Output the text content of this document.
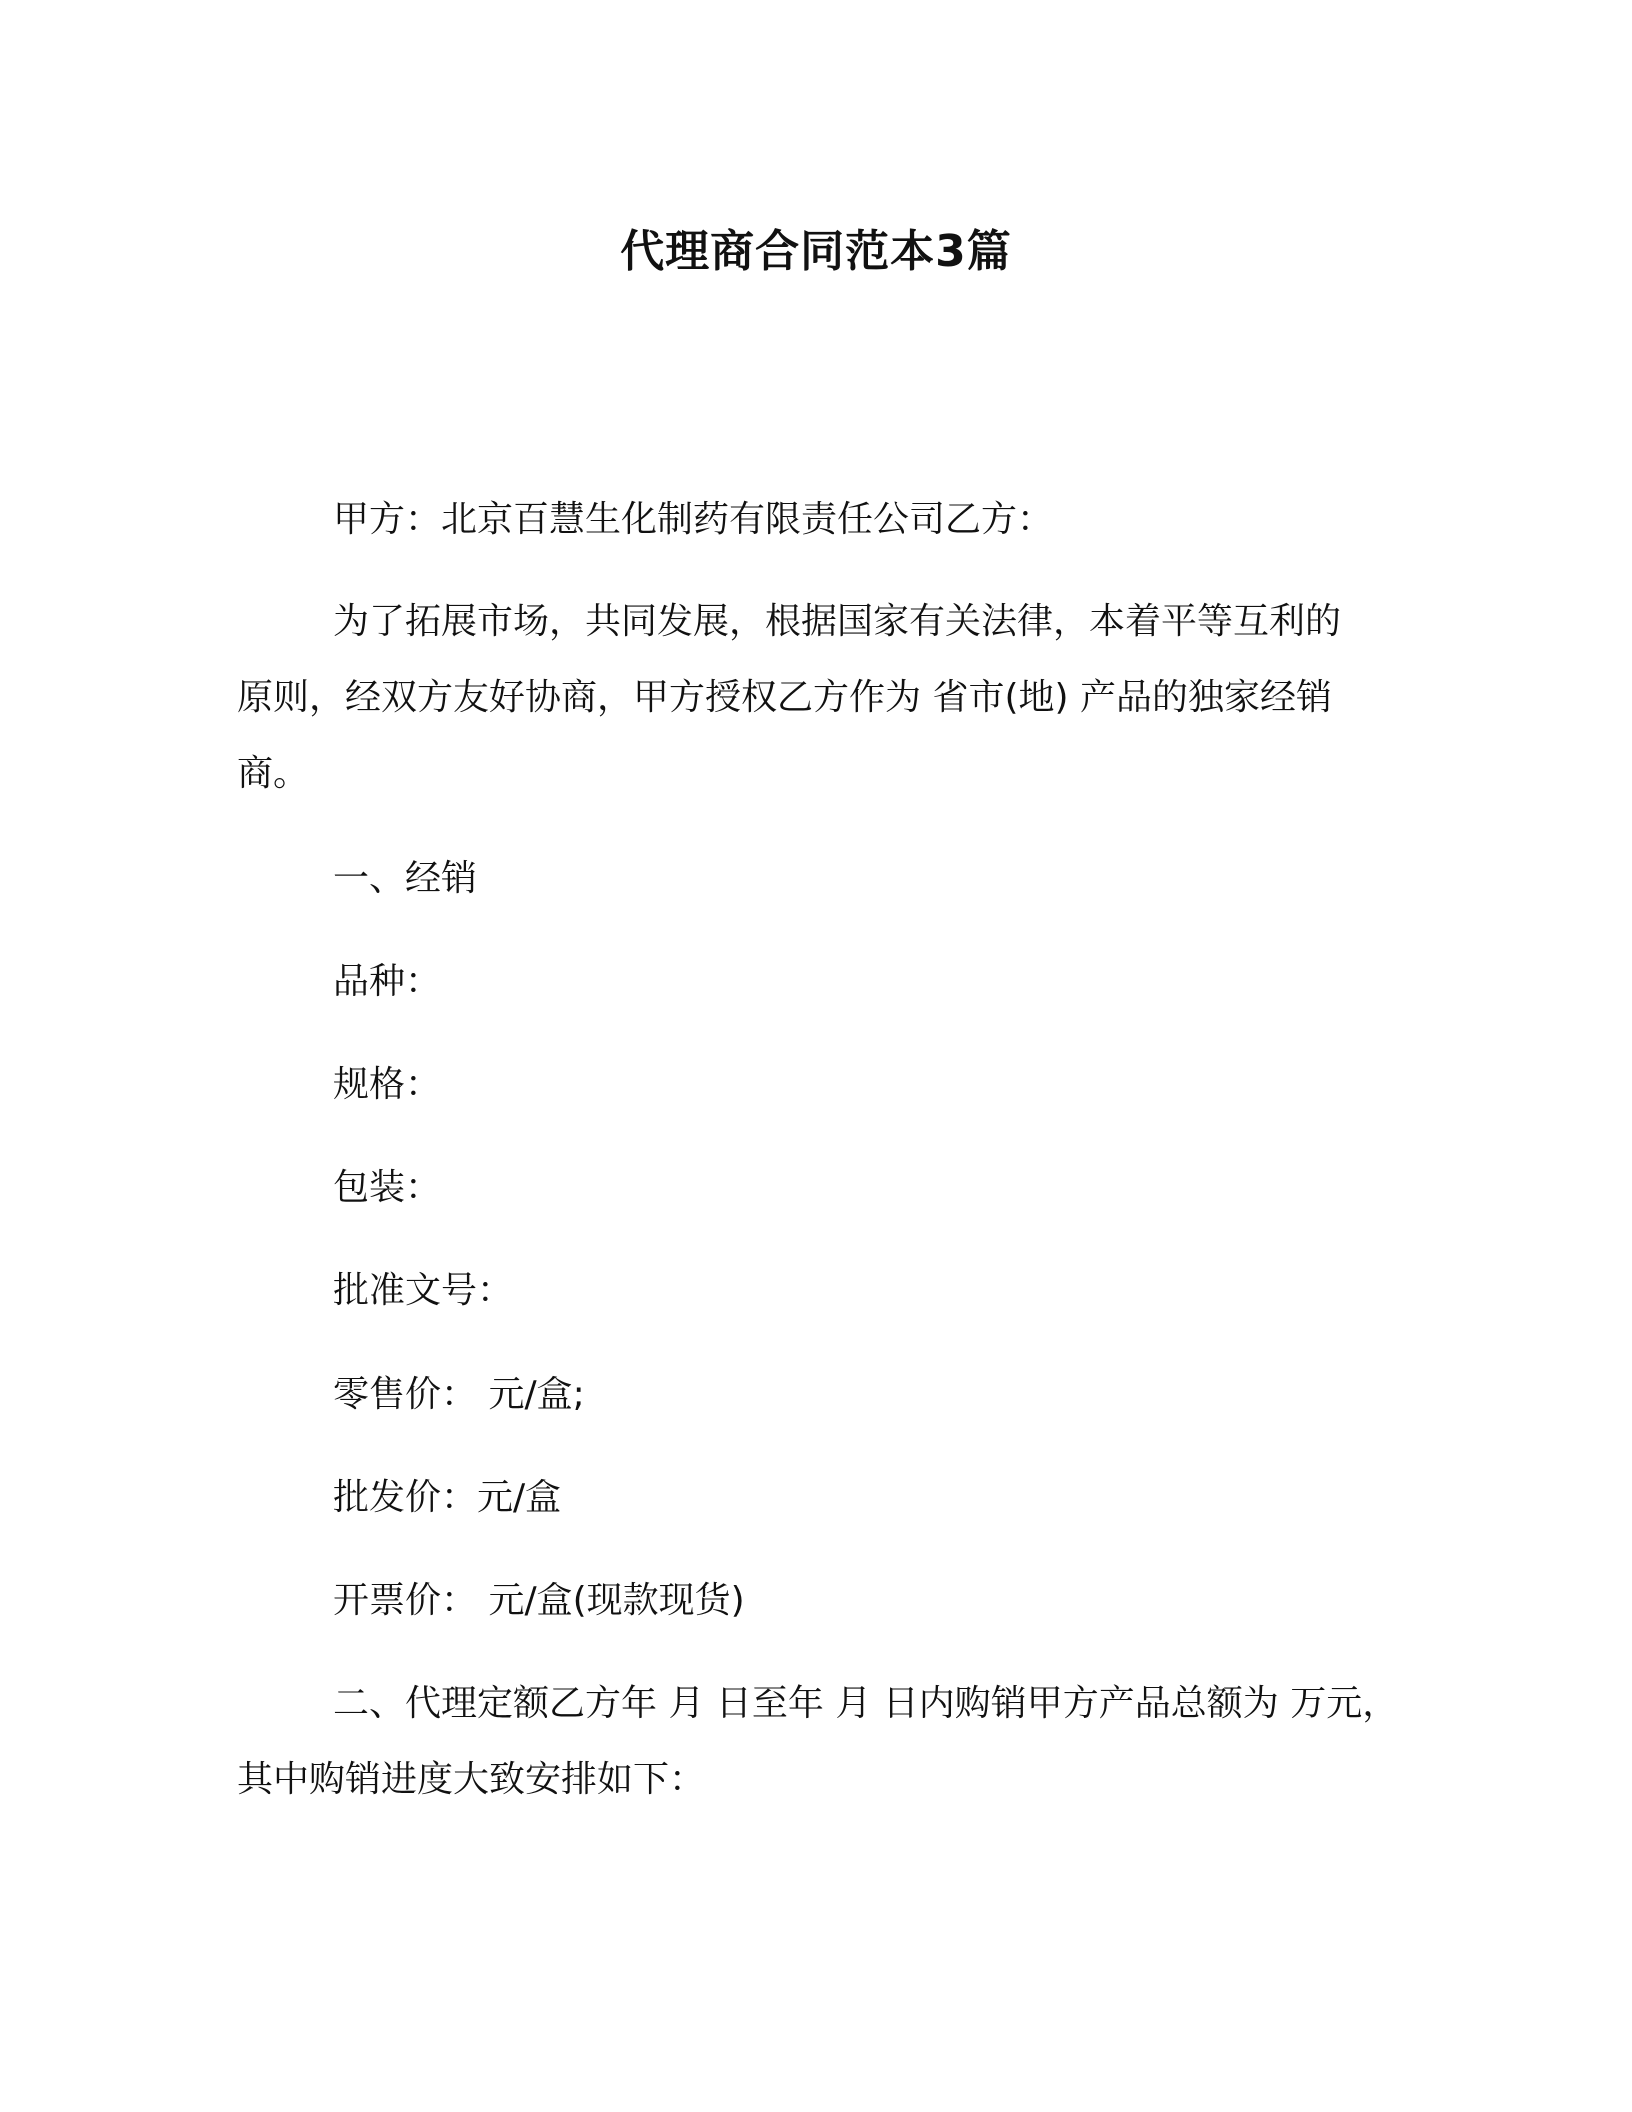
代理商合同范本3篇
甲方：北京百慧生化制药有限责任公司乙方：
为了拓展市场，共同发展，根据国家有关法律，本着平等互利的
原则，经双方友好协商，甲方授权乙方作为 省市(地) 产品的独家经销
商。
一、经销
品种：
规格：
包装：
批准文号：
零售价： 元/盒;
批发价：元/盒
开票价： 元/盒(现款现货)
二、代理定额乙方年 月 日至年 月 日内购销甲方产品总额为 万元，
其中购销进度大致安排如下：
